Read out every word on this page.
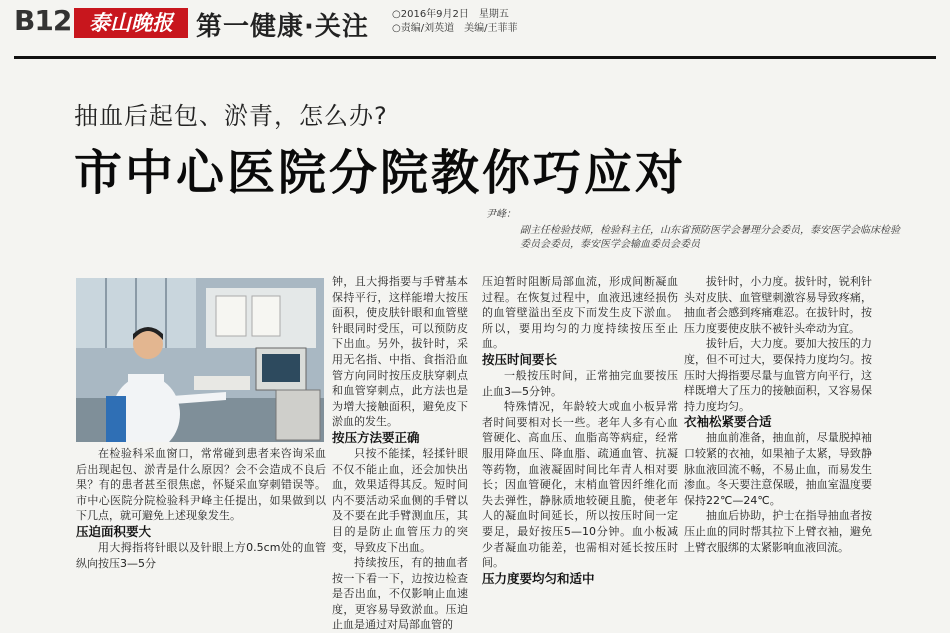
B12 泰山晚报 第一健康·关注 ○2016年9月2日　星期五
○责编/刘英道　美编/王菲菲
抽血后起包、淤青，怎么办?
市中心医院分院教你巧应对
尹峰：
副主任检验技师，检验科主任，山东省预防医学会暑理分会委员，泰安医学会临床检验委员会委员，泰安医学会输血委员会委员

在检验科采血窗口，常常碰到患者来咨询采血后出现起包、淤青是什么原因？会不会造成不良后果？有的患者甚至很焦虑，怀疑采血穿刺错误等。市中心医院分院检验科尹峰主任提出，如果做到以下几点，就可避免上述现象发生。

压迫面积要大

用大拇指将针眼以及针眼上方0.5cm处的血管纵向按压3—5分

钟，且大拇指要与手臂基本保持平行，这样能增大按压面积，使皮肤针眼和血管壁针眼同时受压，可以预防皮下出血。另外，拔针时，采用无名指、中指、食指沿血管方向同时按压皮肤穿刺点和血管穿刺点，此方法也是为增大接触面积，避免皮下淤血的发生。

按压方法要正确

只按不能揉，轻揉针眼不仅不能止血，还会加快出血，效果适得其反。短时间内不要活动采血侧的手臂以及不要在此手臂测血压，其目的是防止血管压力的突变，导致皮下出血。

持续按压，有的抽血者按一下看一下，边按边检查是否出血，不仅影响止血速度，更容易导致淤血。压迫止血是通过对局部血管的

压迫暂时阻断局部血流，形成间断凝血过程。在恢复过程中，血液迅速经损伤的血管壁溢出至皮下而发生皮下淤血。所以，要用均匀的力度持续按压至止血。

按压时间要长

一般按压时间，正常抽完血要按压止血3—5分钟。

特殊情况，年龄较大或血小板异常者时间要相对长一些。老年人多有心血管硬化、高血压、血脂高等病症，经常服用降血压、降血脂、疏通血管、抗凝等药物，血液凝固时间比年青人相对要长；因血管硬化，末梢血管因纤维化而失去弹性，静脉质地较硬且脆，使老年人的凝血时间延长，所以按压时间一定要足，最好按压5—10分钟。血小板减少者凝血功能差，也需相对延长按压时间。

压力度要均匀和适中

拔针时，小力度。拔针时，锐利针头对皮肤、血管壁刺激容易导致疼痛，抽血者会感到疼痛难忍。在拔针时，按压力度要使皮肤不被针头牵动为宜。

拔针后，大力度。要加大按压的力度，但不可过大，要保持力度均匀。按压时大拇指要尽量与血管方向平行，这样既增大了压力的接触面积，又容易保持力度均匀。

衣袖松紧要合适

抽血前准备，抽血前，尽量脱掉袖口较紧的衣袖，如果袖子太紧，导致静脉血液回流不畅，不易止血，而易发生渗血。冬天要注意保暖，抽血室温度要保持22℃—24℃。

抽血后协助，护士在指导抽血者按压止血的同时帮其拉下上臂衣袖，避免上臂衣服绑的太紧影响血液回流。
